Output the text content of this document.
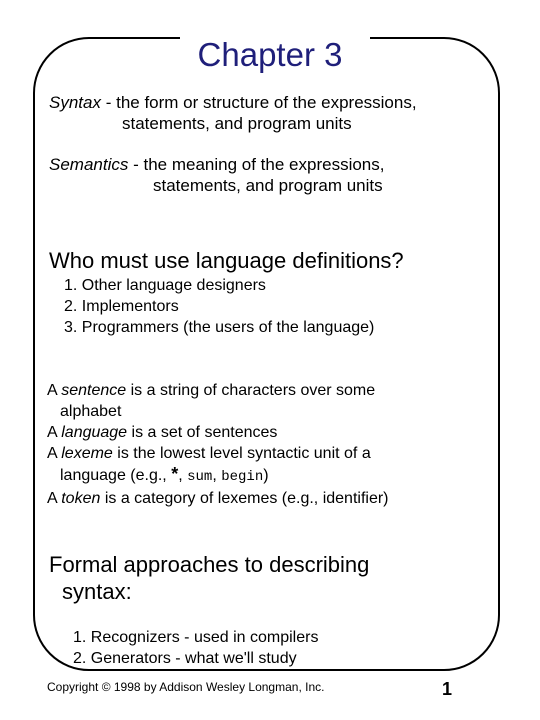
Chapter 3
Syntax - the form or structure of the expressions,
statements, and program units
Semantics - the meaning of the expressions,
statements, and program units
Who must use language definitions?
1. Other language designers
2. Implementors
3. Programmers (the users of the language)
A sentence is a string of characters over some
alphabet
A language is a set of sentences
A lexeme is the lowest level syntactic unit of a
language (e.g., *, sum, begin)
A token is a category of lexemes (e.g., identifier)
Formal approaches to describing
syntax:
1. Recognizers - used in compilers
2. Generators - what we'll study
Copyright © 1998 by Addison Wesley Longman, Inc.	1
